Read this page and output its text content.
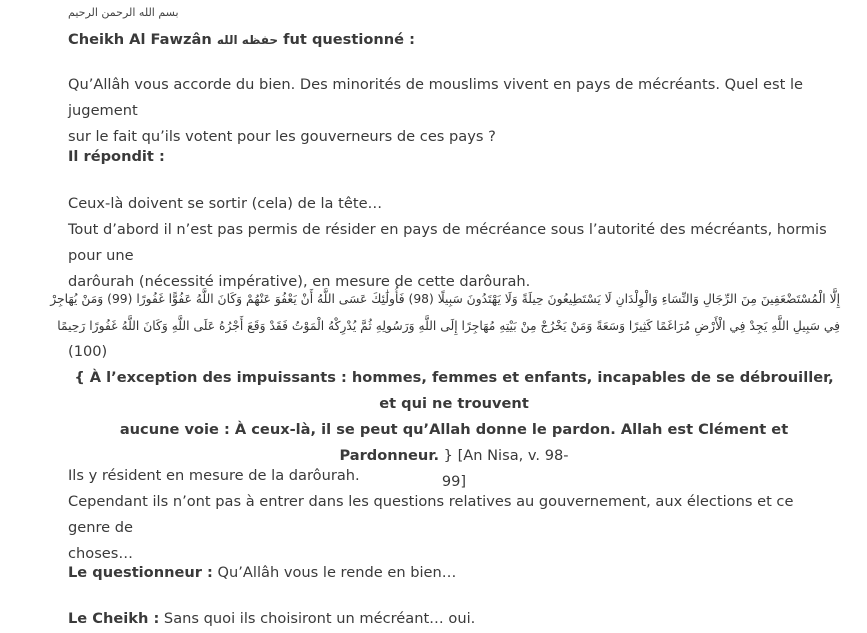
بسم الله الرحمن الرحيم

Cheikh Al Fawzân حفظه الله fut questionné :

Qu’Allâh vous accorde du bien. Des minorités de mouslims vivent en pays de mécréants. Quel est le jugement
sur le fait qu’ils votent pour les gouverneurs de ces pays ?

Il répondit :

Ceux-là doivent se sortir (cela) de la tête…
Tout d’abord il n’est pas permis de résider en pays de mécréance sous l’autorité des mécréants, hormis pour une
darôurah (nécessité impérative), en mesure de cette darôurah.

إِلَّا الْمُسْتَضْعَفِينَ مِنَ الرِّجَالِ وَالنِّسَاءِ وَالْوِلْدَانِ لَا يَسْتَطِيعُونَ حِيلَةً وَلَا يَهْتَدُونَ سَبِيلًا (98) فَأُولَٰئِكَ عَسَى اللَّهُ أَنْ يَعْفُوَ عَنْهُمْ وَكَانَ اللَّهُ عَفُوًّا غَفُورًا (99) وَمَنْ يُهَاجِرْ
فِي سَبِيلِ اللَّهِ يَجِدْ فِي الْأَرْضِ مُرَاغَمًا كَثِيرًا وَسَعَةً وَمَنْ يَخْرُجْ مِنْ بَيْتِهِ مُهَاجِرًا إِلَى اللَّهِ وَرَسُولِهِ ثُمَّ يُدْرِكْهُ الْمَوْتُ فَقَدْ وَقَعَ أَجْرُهُ عَلَى اللَّهِ وَكَانَ اللَّهُ غَفُورًا رَحِيمًا
(100)
{ À l’exception des impuissants : hommes, femmes et enfants, incapables de se débrouiller, et qui ne trouvent
aucune voie : À ceux-là, il se peut qu’Allah donne le pardon. Allah est Clément et Pardonneur. } [An Nisa, v. 98-
99]

Ils y résident en mesure de la darôurah.
Cependant ils n’ont pas à entrer dans les questions relatives au gouvernement, aux élections et ce genre de
choses…

Le questionneur : Qu’Allâh vous le rende en bien…

Le Cheikh : Sans quoi ils choisiront un mécréant… oui.
